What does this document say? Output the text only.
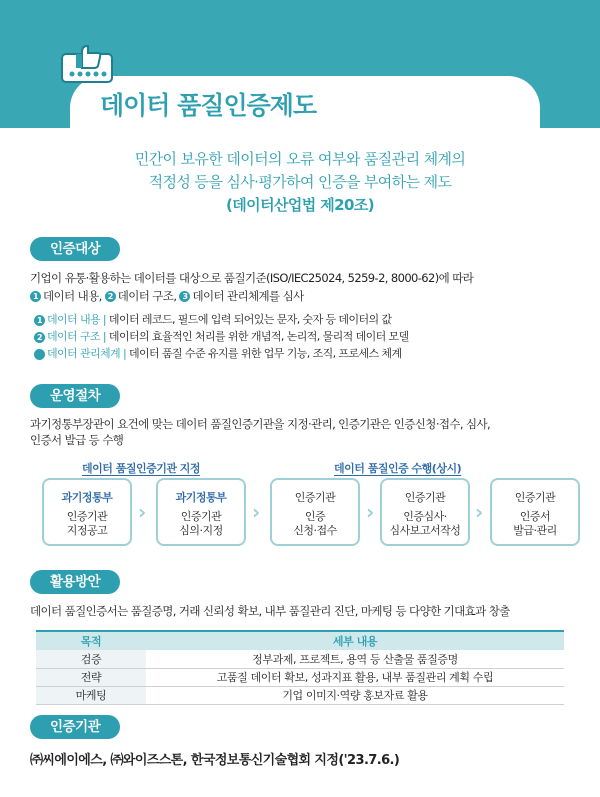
데이터 품질인증제도
민간이 보유한 데이터의 오류 여부와 품질관리 체계의
적정성 등을 심사·평가하여 인증을 부여하는 제도
(데이터산업법 제20조)
인증대상
기업이 유통·활용하는 데이터를 대상으로 품질기준(ISO/IEC25024, 5259-2, 8000-62)에 따라
1 데이터 내용, 2 데이터 구조, 3 데이터 관리체계를 심사
1 데이터 내용 | 데이터 레코드, 필드에 입력 되어있는 문자, 숫자 등 데이터의 값
2 데이터 구조 | 데이터의 효율적인 처리를 위한 개념적, 논리적, 물리적 데이터 모델
데이터 관리체계 | 데이터 품질 수준 유지를 위한 업무 기능, 조직, 프로세스 체계
운영절차
과기정통부장관이 요건에 맞는 데이터 품질인증기관을 지정·관리, 인증기관은 인증신청·접수, 심사,
인증서 발급 등 수행
데이터 품질인증기관 지정	데이터 품질인증 수행(상시)
과기정통부
인증기관
지정공고
›
과기정통부
인증기관
심의·지정
›
인증기관
인증
신청·접수
›
인증기관
인증심사·
심사보고서작성
›
인증기관
인증서
발급·관리
활용방안
데이터 품질인증서는 품질증명, 거래 신뢰성 확보, 내부 품질관리 진단, 마케팅 등 다양한 기대효과 창출
목적	세부 내용
검증	정부과제, 프로젝트, 용역 등 산출물 품질증명
전략	고품질 데이터 확보, 성과지표 활용, 내부 품질관리 계획 수립
마케팅	기업 이미지·역량 홍보자료 활용
인증기관
㈜씨에이에스, ㈜와이즈스톤, 한국정보통신기술협회 지정('23.7.6.)
